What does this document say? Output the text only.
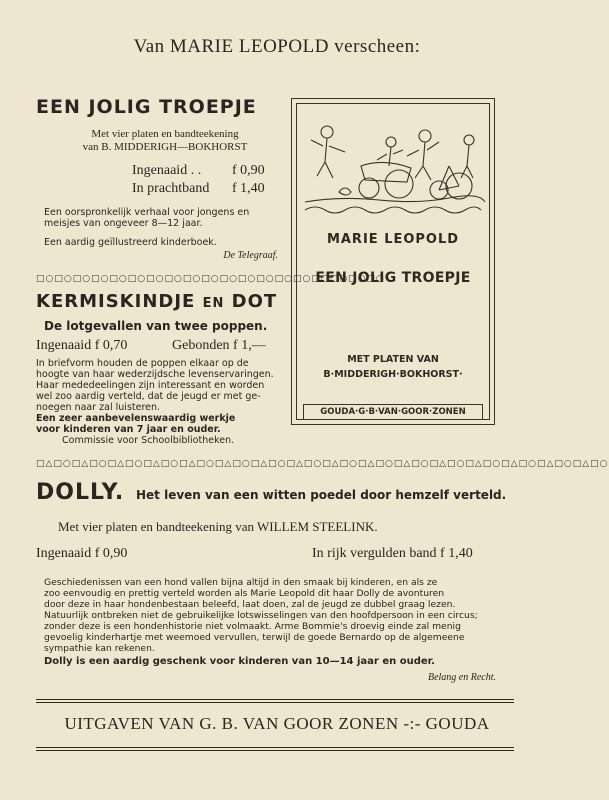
Van MARIE LEOPOLD verscheen:
EEN JOLIG TROEPJE
Met vier platen en bandteekening
van B. MIDDERIGH—BOKHORST
Ingenaaid . . f 0,90
In prachtband f 1,40
Een oorspronkelijk verhaal voor jongens en
meisjes van ongeveer 8—12 jaar.
Een aardig geïllustreerd kinderboek.
De Telegraaf.
□○□○□○□○□○□○□○□○□○□○□○□○□○□○□○□○□○□○□○
KERMISKINDJE EN DOT
De lotgevallen van twee poppen.
Ingenaaid f 0,70	Gebonden f 1,—
In briefvorm houden de poppen elkaar op de
hoogte van haar wederzijdsche levenservaringen.
Haar mededeelingen zijn interessant en worden
wel zoo aardig verteld, dat de jeugd er met ge-
noegen naar zal luisteren.
Een zeer aanbevelenswaardig werkje
voor kinderen van 7 jaar en ouder.
Commissie voor Schoolbibliotheken.
MARIE LEOPOLD
EEN JOLIG TROEPJE
MET PLATEN VAN
B·MIDDERIGH·BOKHORST·
GOUDA·G·B·VAN·GOOR·ZONEN
□△□○□△□○□△□○□△□○□△□○□△□○□△□○□△□○□△□○□△□○□△□○□△□○□△□○□△□○□△□○□△□○
DOLLY. Het leven van een witten poedel door hemzelf verteld.
Met vier platen en bandteekening van WILLEM STEELINK.
Ingenaaid f 0,90	In rijk vergulden band f 1,40
Geschiedenissen van een hond vallen bijna altijd in den smaak bij kinderen, en als ze
zoo eenvoudig en prettig verteld worden als Marie Leopold dit haar Dolly de avonturen
door deze in haar hondenbestaan beleefd, laat doen, zal de jeugd ze dubbel graag lezen.
Natuurlijk ontbreken niet de gebruikelijke lotswisselingen van den hoofdpersoon in een circus;
zonder deze is een hondenhistorie niet volmaakt. Arme Bommie's droevig einde zal menig
gevoelig kinderhartje met weemoed vervullen, terwijl de goede Bernardo op de algemeene
sympathie kan rekenen.
Dolly is een aardig geschenk voor kinderen van 10—14 jaar en ouder.
Belang en Recht.
UITGAVEN VAN G. B. VAN GOOR ZONEN -:- GOUDA
